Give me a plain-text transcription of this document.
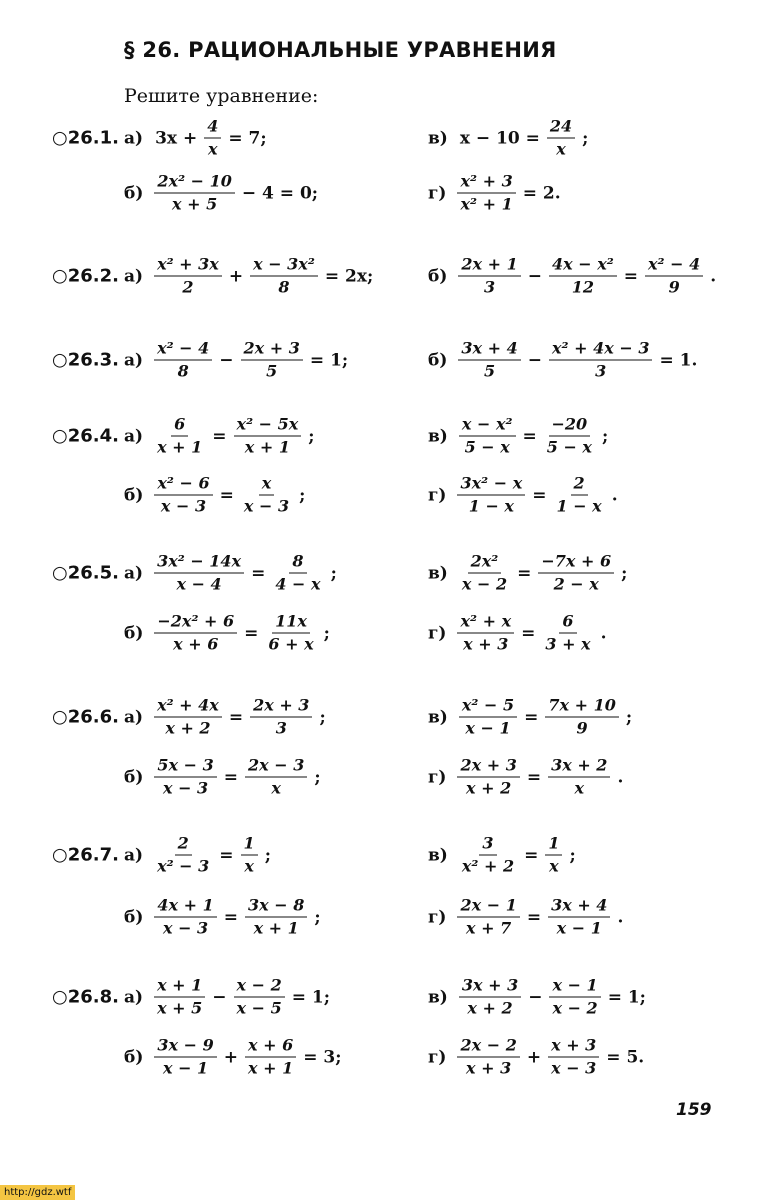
§ 26. РАЦИОНАЛЬНЫЕ УРАВНЕНИЯ
Решите уравнение:
○26.1. а) $3x + \frac{4}{x} = 7$;	в) $x - 10 = \frac{24}{x}$ ;
$б) \frac{\text{2x² − 10}}{x + 5} - 4 = 0$;	$г) \frac{\text{x² + 3}}{\text{x² + 1}} = 2$.
○26.2. $а) \frac{\text{x² + 3x}}{2} + \frac{\text{x − 3x²}}{8} = 2x$;	$б) \frac{2x + 1}{3} - \frac{\text{4x − x²}}{12} = \frac{\text{x² − 4}}{9}$ .
○26.3. $а) \frac{\text{x² − 4}}{8} - \frac{2x + 3}{5} = 1$;	$б) \frac{3x + 4}{5} - \frac{\text{x² + 4x − 3}}{3} = 1$.
○26.4. $а) \frac{6}{x + 1} = \frac{\text{x² − 5x}}{x + 1}$ ;	$в) \frac{\text{x − x²}}{5 - x} = \frac{-20}{5 - x}$ ;
$б) \frac{\text{x² − 6}}{x - 3} = \frac{x}{x - 3}$ ;	$г) \frac{\text{3x² − x}}{1 - x} = \frac{2}{1 - x}$ .
○26.5. $а) \frac{\text{3x² − 14x}}{x - 4} = \frac{8}{4 - x}$ ;	$в) \frac{\text{2x²}}{x - 2} = \frac{-7x + 6}{2 - x}$ ;
$б) \frac{\text{−2x² + 6}}{x + 6} = \frac{11x}{6 + x}$ ;	$г) \frac{\text{x² + x}}{x + 3} = \frac{6}{3 + x}$ .
○26.6. $а) \frac{\text{x² + 4x}}{x + 2} = \frac{2x + 3}{3}$ ;	$в) \frac{\text{x² − 5}}{x - 1} = \frac{7x + 10}{9}$ ;
$б) \frac{5x - 3}{x - 3} = \frac{2x - 3}{x}$ ;	$г) \frac{2x + 3}{x + 2} = \frac{3x + 2}{x}$ .
○26.7. $а) \frac{2}{\text{x² − 3}} = \frac{1}{x}$ ;	$в) \frac{3}{\text{x² + 2}} = \frac{1}{x}$ ;
$б) \frac{4x + 1}{x - 3} = \frac{3x - 8}{x + 1}$ ;	$г) \frac{2x - 1}{x + 7} = \frac{3x + 4}{x - 1}$ .
○26.8. $а) \frac{x + 1}{x + 5} - \frac{x - 2}{x - 5} = 1$;	$в) \frac{3x + 3}{x + 2} - \frac{x - 1}{x - 2} = 1$;
$б) \frac{3x - 9}{x - 1} + \frac{x + 6}{x + 1} = 3$;	$г) \frac{2x - 2}{x + 3} + \frac{x + 3}{x - 3} = 5$.
159
http://gdz.wtf
